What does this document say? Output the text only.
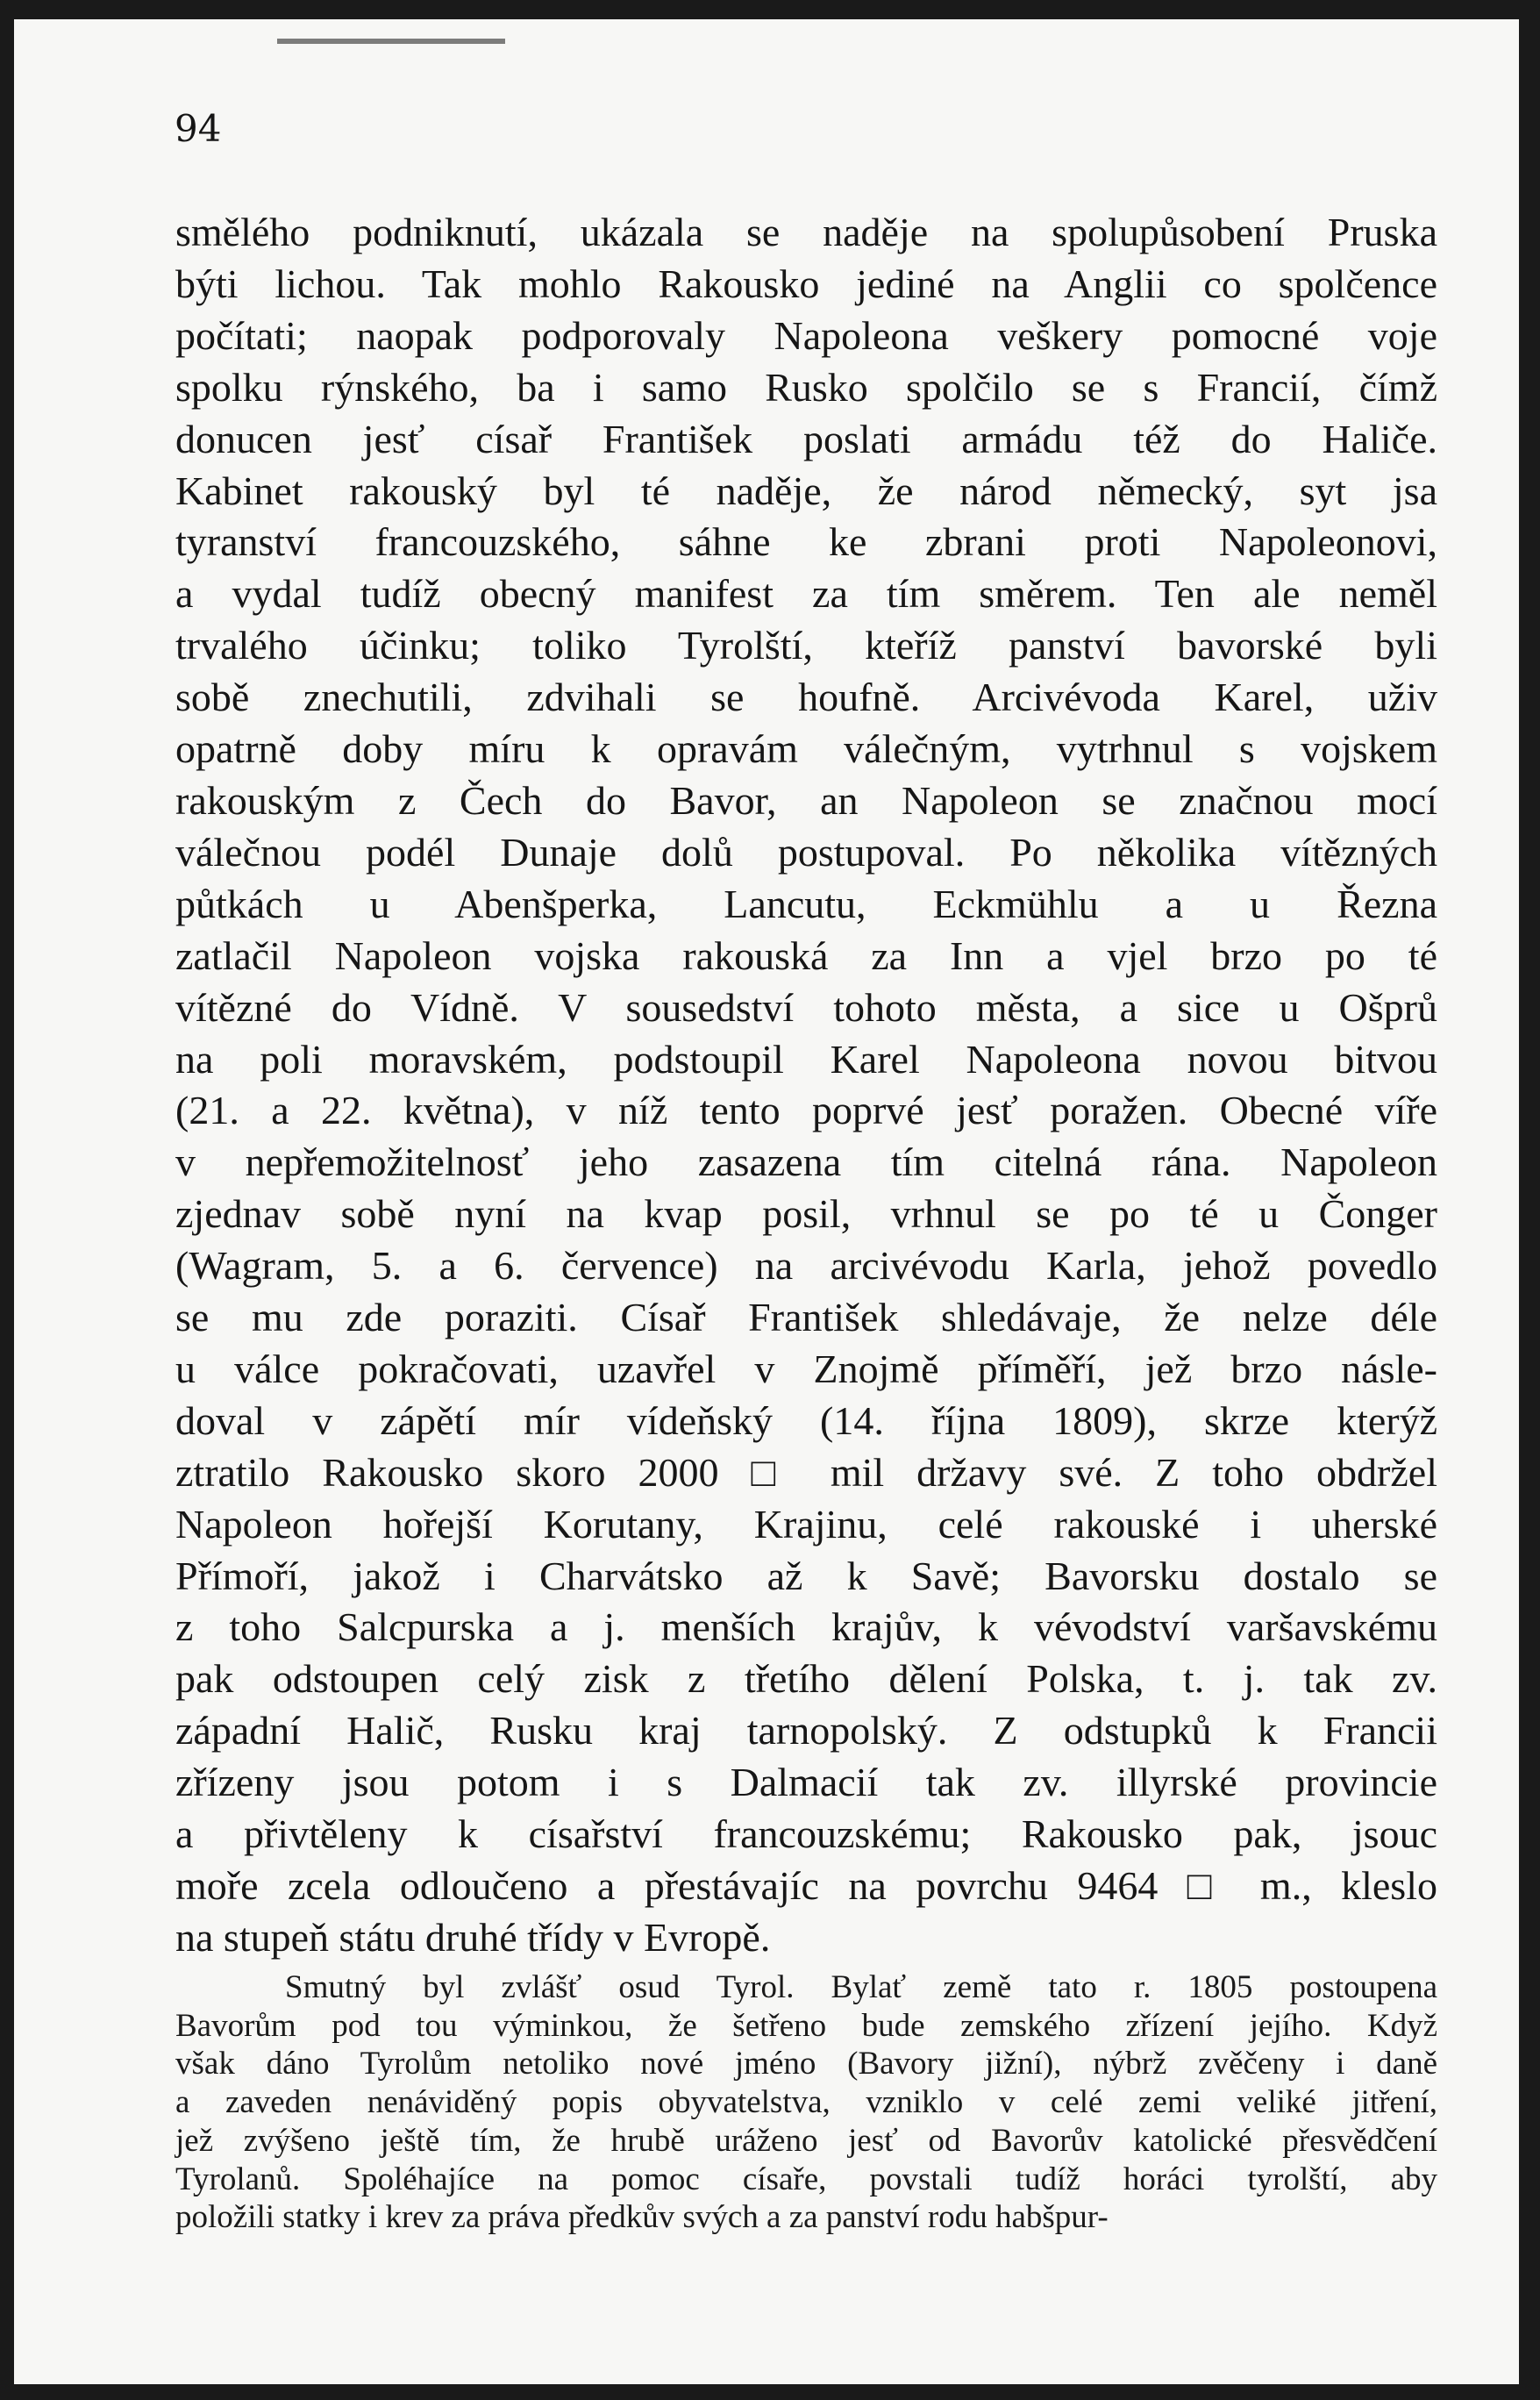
94
smělého podniknutí, ukázala se naděje na spolupůsobení Pruska
býti lichou. Tak mohlo Rakousko jediné na Anglii co spolčence
počítati; naopak podporovaly Napoleona veškery pomocné voje
spolku rýnského, ba i samo Rusko spolčilo se s Francií, čímž
donucen jesť císař František poslati armádu též do Haliče.
Kabinet rakouský byl té naděje, že národ německý, syt jsa
tyranství francouzského, sáhne ke zbrani proti Napoleonovi,
a vydal tudíž obecný manifest za tím směrem. Ten ale neměl
trvalého účinku; toliko Tyrolští, kteříž panství bavorské byli
sobě znechutili, zdvihali se houfně. Arcivévoda Karel, uživ
opatrně doby míru k opravám válečným, vytrhnul s vojskem
rakouským z Čech do Bavor, an Napoleon se značnou mocí
válečnou podél Dunaje dolů postupoval. Po několika vítězných
půtkách u Abenšperka, Lancutu, Eckmühlu a u Řezna
zatlačil Napoleon vojska rakouská za Inn a vjel brzo po té
vítězné do Vídně. V sousedství tohoto města, a sice u Ošprů
na poli moravském, podstoupil Karel Napoleona novou bitvou
(21. a 22. května), v níž tento poprvé jesť poražen. Obecné víře
v nepřemožitelnosť jeho zasazena tím citelná rána. Napoleon
zjednav sobě nyní na kvap posil, vrhnul se po té u Čonger
(Wagram, 5. a 6. července) na arcivévodu Karla, jehož povedlo
se mu zde poraziti. Císař František shledávaje, že nelze déle
u válce pokračovati, uzavřel v Znojmě příměří, jež brzo násle-
doval v zápětí mír vídeňský (14. října 1809), skrze kterýž
ztratilo Rakousko skoro 2000 □ mil državy své. Z toho obdržel
Napoleon hořejší Korutany, Krajinu, celé rakouské i uherské
Přímoří, jakož i Charvátsko až k Savě; Bavorsku dostalo se
z toho Salcpurska a j. menších krajův, k vévodství varšavskému
pak odstoupen celý zisk z třetího dělení Polska, t. j. tak zv.
západní Halič, Rusku kraj tarnopolský. Z odstupků k Francii
zřízeny jsou potom i s Dalmacií tak zv. illyrské provincie
a přivtěleny k císařství francouzskému; Rakousko pak, jsouc
moře zcela odloučeno a přestávajíc na povrchu 9464 □ m., kleslo
na stupeň státu druhé třídy v Evropě.
Smutný byl zvlášť osud Tyrol. Bylať země tato r. 1805 postoupena
Bavorům pod tou výminkou, že šetřeno bude zemského zřízení jejího. Když
však dáno Tyrolům netoliko nové jméno (Bavory jižní), nýbrž zvěčeny i daně
a zaveden nenáviděný popis obyvatelstva, vzniklo v celé zemi veliké jitření,
jež zvýšeno ještě tím, že hrubě uráženo jesť od Bavorův katolické přesvědčení
Tyrolanů. Spoléhajíce na pomoc císaře, povstali tudíž horáci tyrolští, aby
položili statky i krev za práva předkův svých a za panství rodu habšpur-
